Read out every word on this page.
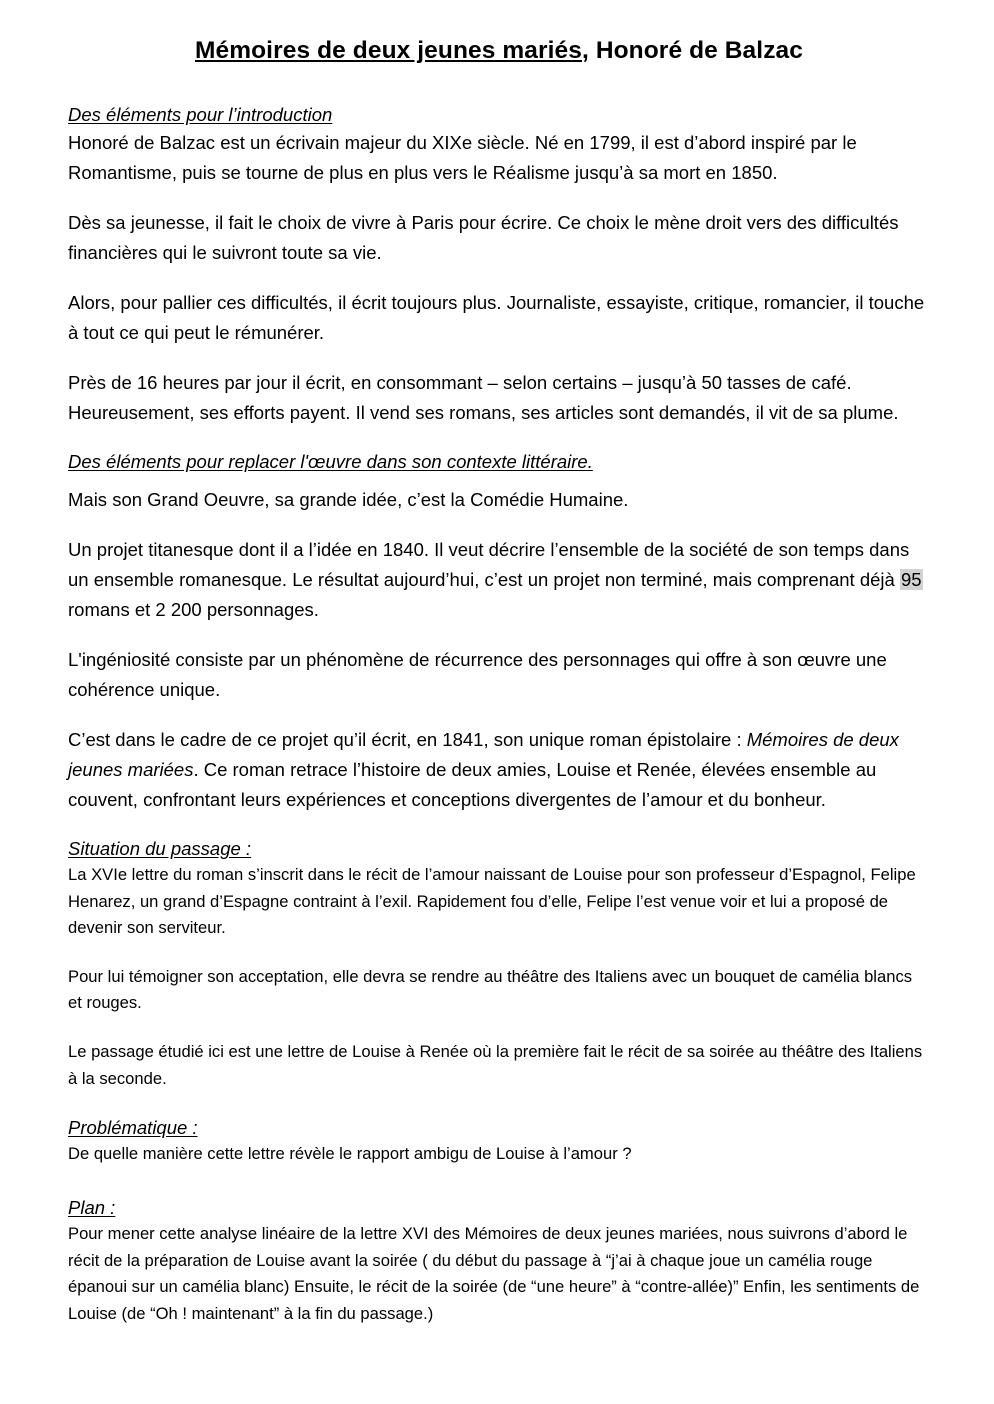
Mémoires de deux jeunes mariés, Honoré de Balzac
Des éléments pour l’introduction

Honoré de Balzac est un écrivain majeur du XIXe siècle. Né en 1799, il est d’abord inspiré par le Romantisme, puis se tourne de plus en plus vers le Réalisme jusqu’à sa mort en 1850.

Dès sa jeunesse, il fait le choix de vivre à Paris pour écrire. Ce choix le mène droit vers des difficultés financières qui le suivront toute sa vie.

Alors, pour pallier ces difficultés, il écrit toujours plus. Journaliste, essayiste, critique, romancier, il touche à tout ce qui peut le rémunérer.

Près de 16 heures par jour il écrit, en consommant – selon certains – jusqu’à 50 tasses de café. Heureusement, ses efforts payent. Il vend ses romans, ses articles sont demandés, il vit de sa plume.

Des éléments pour replacer l'œuvre dans son contexte littéraire.

Mais son Grand Oeuvre, sa grande idée, c’est la Comédie Humaine.

Un projet titanesque dont il a l’idée en 1840. Il veut décrire l’ensemble de la société de son temps dans un ensemble romanesque. Le résultat aujourd’hui, c’est un projet non terminé, mais comprenant déjà 95 romans et 2 200 personnages.

L'ingéniosité consiste par un phénomène de récurrence des personnages qui offre à son œuvre une cohérence unique.

C’est dans le cadre de ce projet qu’il écrit, en 1841, son unique roman épistolaire : Mémoires de deux jeunes mariées. Ce roman retrace l’histoire de deux amies, Louise et Renée, élevées ensemble au couvent, confrontant leurs expériences et conceptions divergentes de l’amour et du bonheur.

Situation du passage :

La XVIe lettre du roman s’inscrit dans le récit de l’amour naissant de Louise pour son professeur d’Espagnol, Felipe Henarez, un grand d’Espagne contraint à l’exil. Rapidement fou d’elle, Felipe l’est venue voir et lui a proposé de devenir son serviteur.

Pour lui témoigner son acceptation, elle devra se rendre au théâtre des Italiens avec un bouquet de camélia blancs et rouges.

Le passage étudié ici est une lettre de Louise à Renée où la première fait le récit de sa soirée au théâtre des Italiens à la seconde.

Problématique :

De quelle manière cette lettre révèle le rapport ambigu de Louise à l’amour ?

Plan :

Pour mener cette analyse linéaire de la lettre XVI des Mémoires de deux jeunes mariées, nous suivrons d’abord le récit de la préparation de Louise avant la soirée ( du début du passage à “j’ai à chaque joue un camélia rouge épanoui sur un camélia blanc) Ensuite, le récit de la soirée (de “une heure” à “contre-allée)” Enfin, les sentiments de Louise (de “Oh ! maintenant” à la fin du passage.)
